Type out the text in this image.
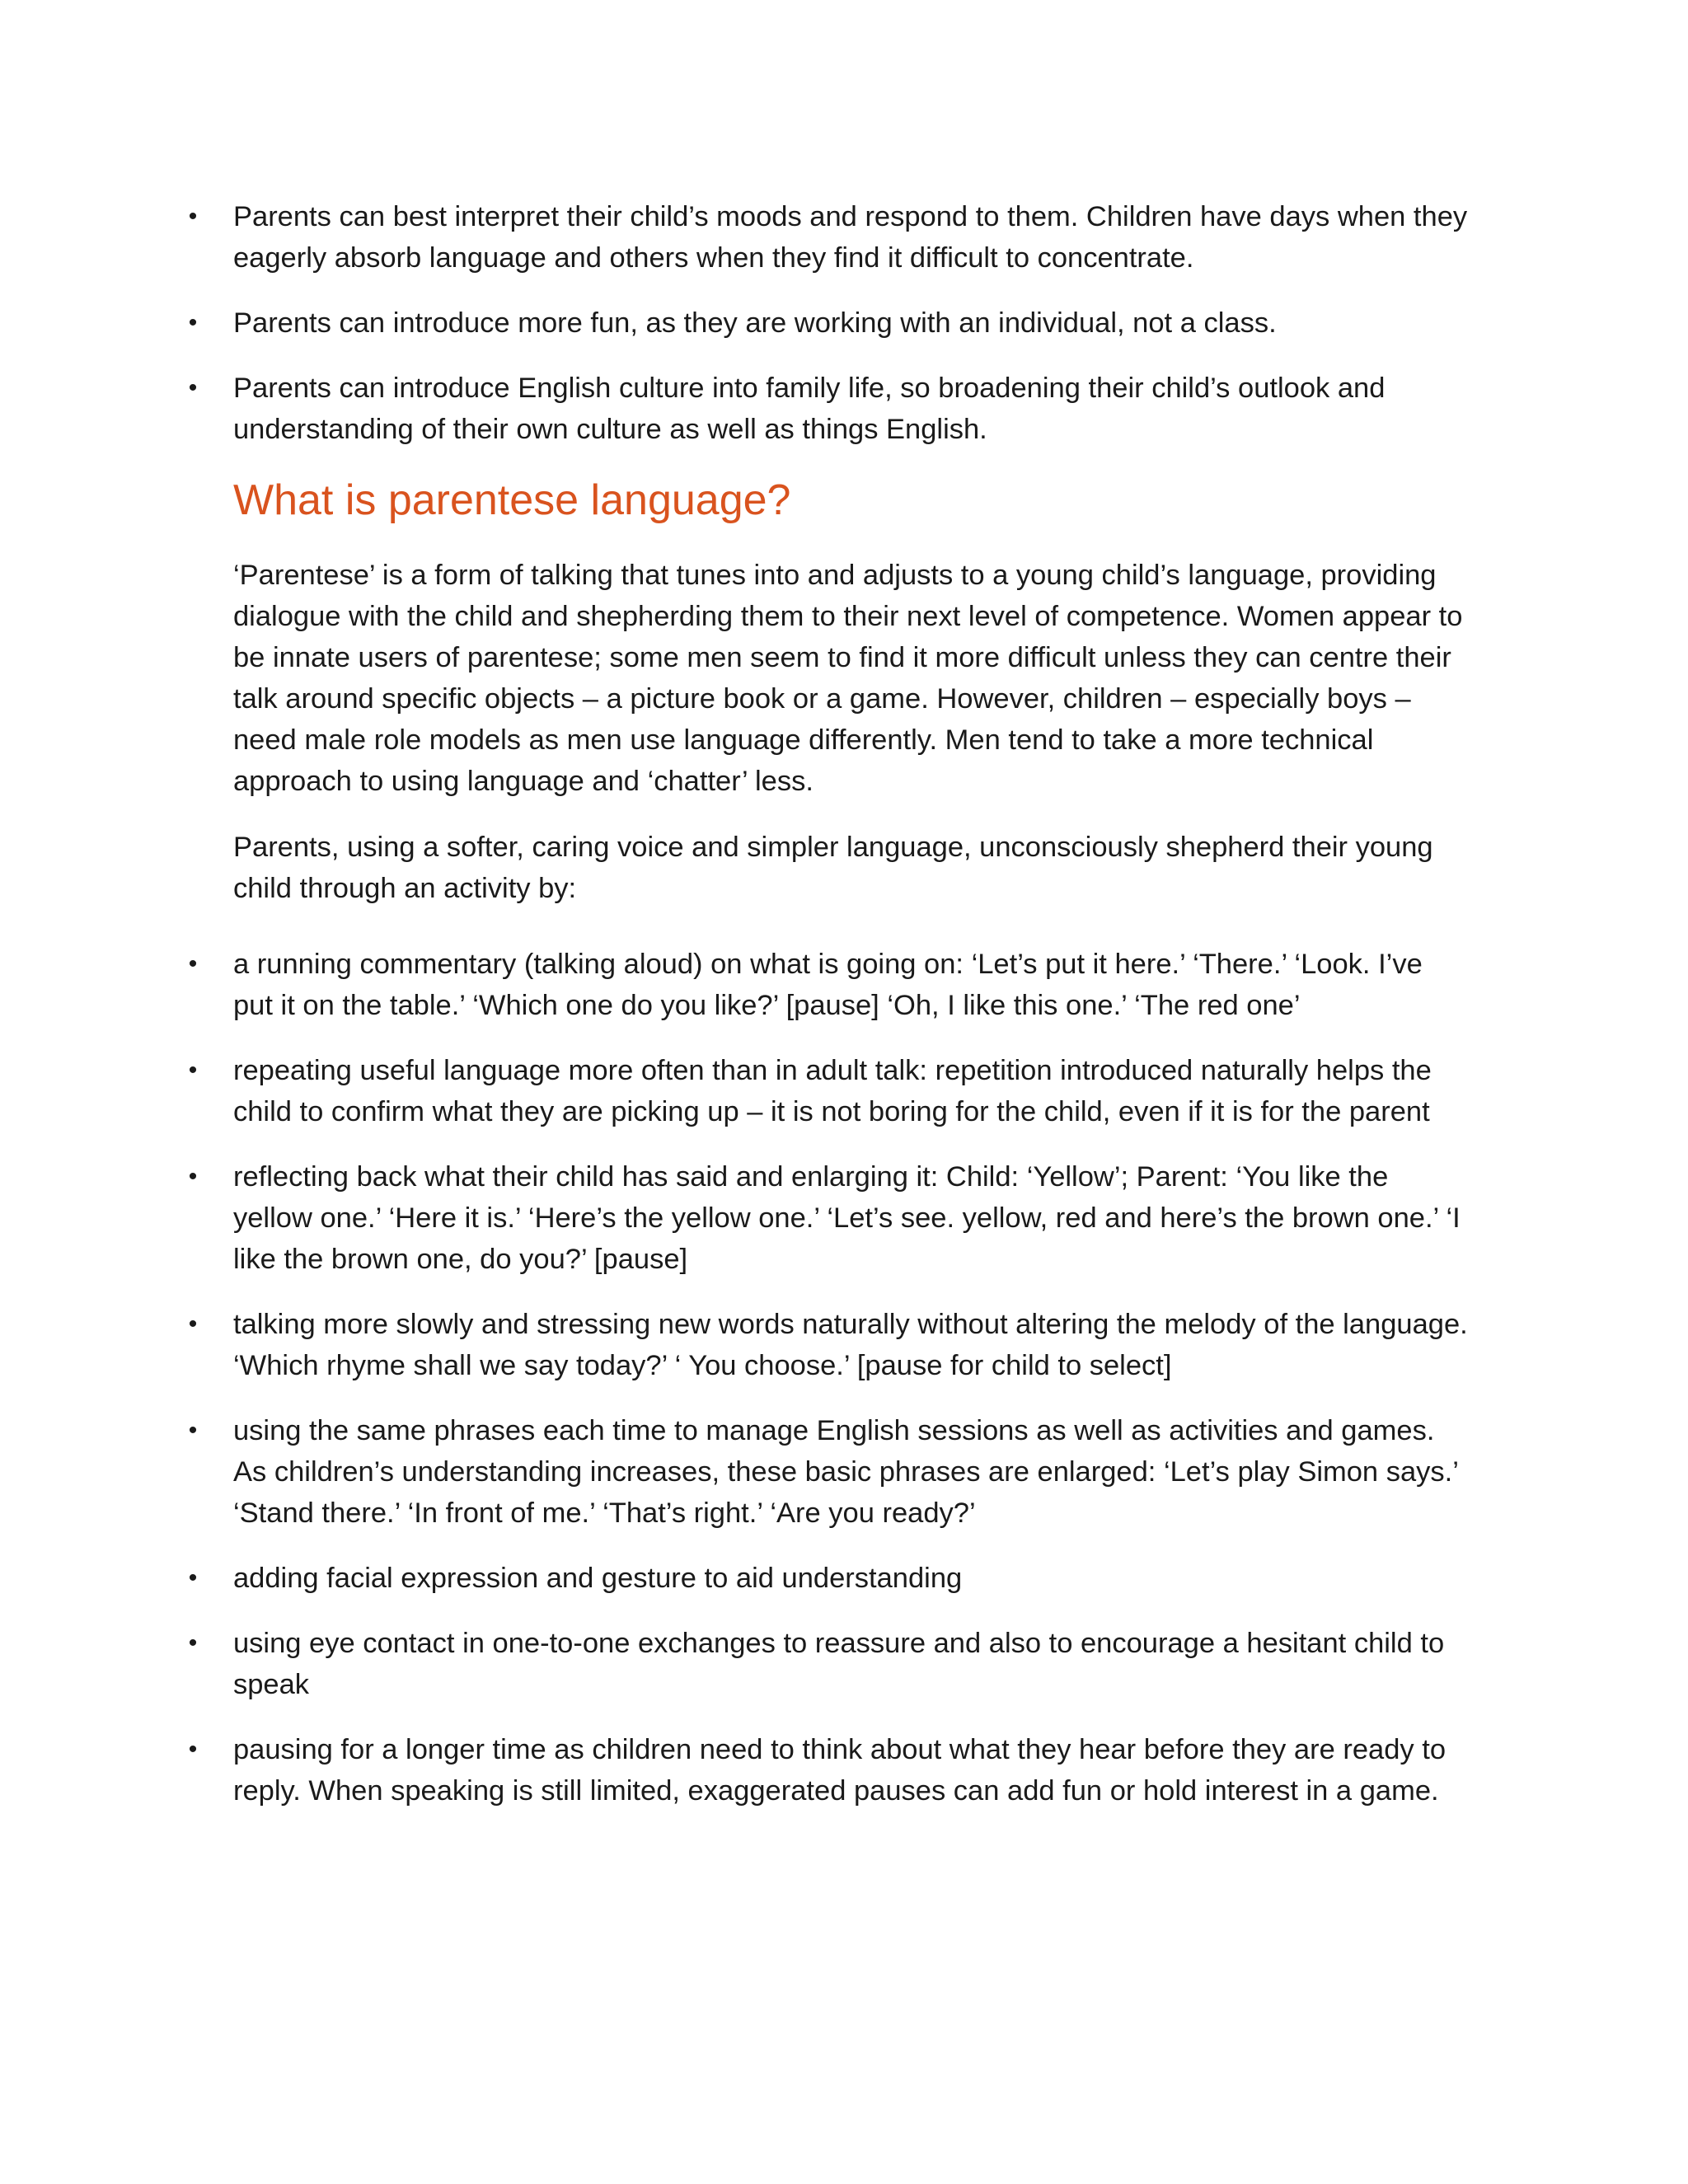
• Parents can best interpret their child’s moods and respond to them. Children have days when they eagerly absorb language and others when they find it difficult to concentrate.
• Parents can introduce more fun, as they are working with an individual, not a class.
• Parents can introduce English culture into family life, so broadening their child’s outlook and understanding of their own culture as well as things English.
What is parentese language?

‘Parentese’ is a form of talking that tunes into and adjusts to a young child’s language, providing dialogue with the child and shepherding them to their next level of competence. Women appear to be innate users of parentese; some men seem to find it more difficult unless they can centre their talk around specific objects – a picture book or a game. However, children – especially boys – need male role models as men use language differently. Men tend to take a more technical approach to using language and ‘chatter’ less.

Parents, using a softer, caring voice and simpler language, unconsciously shepherd their young child through an activity by:

• a running commentary (talking aloud) on what is going on: ‘Let’s put it here.’ ‘There.’ ‘Look. I’ve put it on the table.’ ‘Which one do you like?’ [pause] ‘Oh, I like this one.’ ‘The red one’
• repeating useful language more often than in adult talk: repetition introduced naturally helps the child to confirm what they are picking up – it is not boring for the child, even if it is for the parent
• reflecting back what their child has said and enlarging it: Child: ‘Yellow’; Parent: ‘You like the yellow one.’ ‘Here it is.’ ‘Here’s the yellow one.’ ‘Let’s see. yellow, red and here’s the brown one.’ ‘I like the brown one, do you?’ [pause]
• talking more slowly and stressing new words naturally without altering the melody of the language. ‘Which rhyme shall we say today?’ ‘ You choose.’ [pause for child to select]
• using the same phrases each time to manage English sessions as well as activities and games. As children’s understanding increases, these basic phrases are enlarged: ‘Let’s play Simon says.’ ‘Stand there.’ ‘In front of me.’ ‘That’s right.’ ‘Are you ready?’
• adding facial expression and gesture to aid understanding
• using eye contact in one-to-one exchanges to reassure and also to encourage a hesitant child to speak
• pausing for a longer time as children need to think about what they hear before they are ready to reply. When speaking is still limited, exaggerated pauses can add fun or hold interest in a game.
